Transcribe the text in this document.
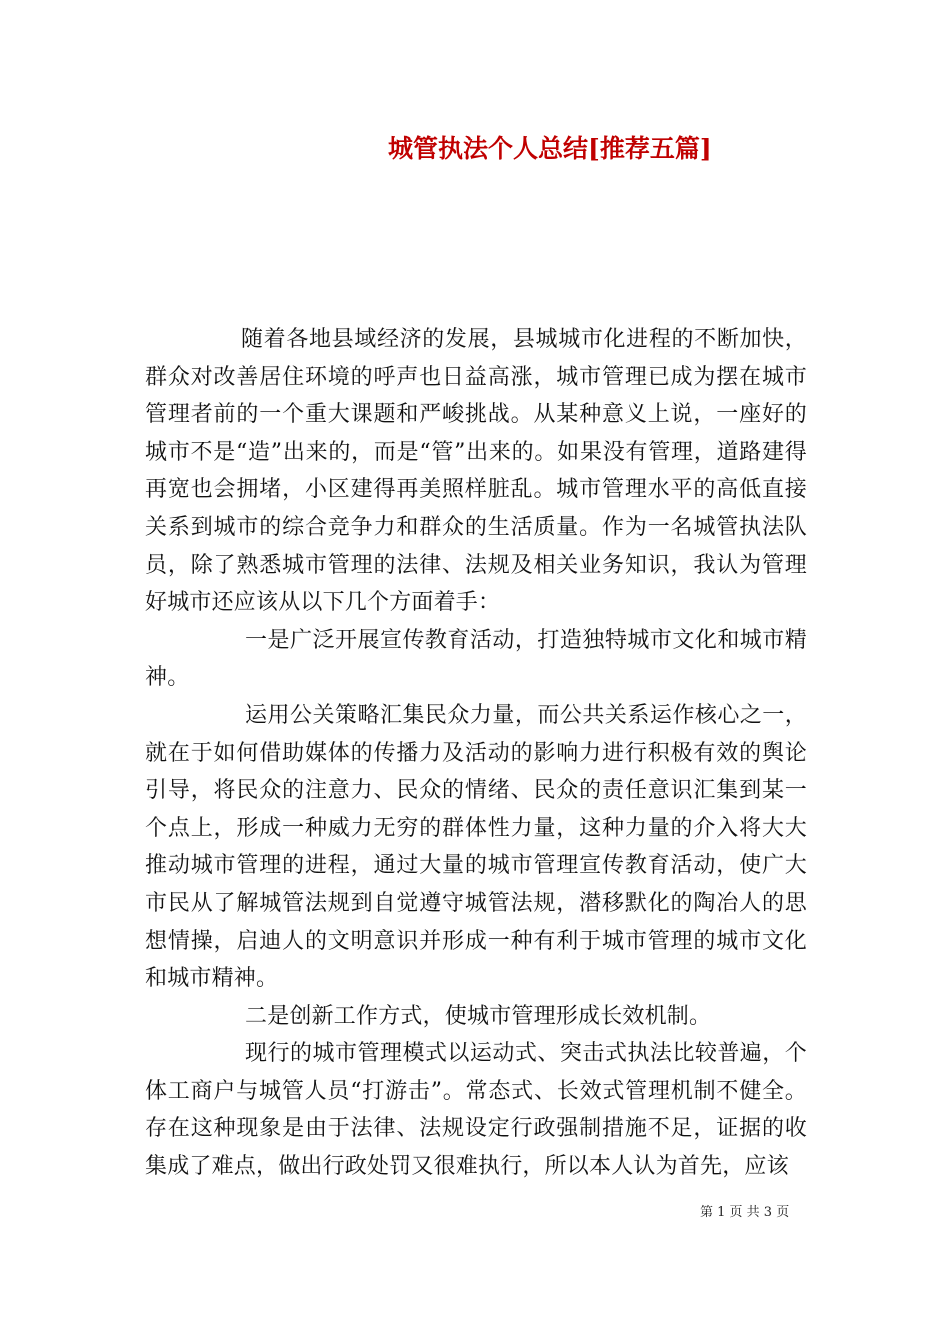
城管执法个人总结[推荐五篇]

随着各地县域经济的发展，县城城市化进程的不断加快，群众对改善居住环境的呼声也日益高涨，城市管理已成为摆在城市管理者前的一个重大课题和严峻挑战。从某种意义上说，一座好的城市不是“造”出来的，而是“管”出来的。如果没有管理，道路建得再宽也会拥堵，小区建得再美照样脏乱。城市管理水平的高低直接关系到城市的综合竞争力和群众的生活质量。作为一名城管执法队员，除了熟悉城市管理的法律、法规及相关业务知识，我认为管理好城市还应该从以下几个方面着手：

一是广泛开展宣传教育活动，打造独特城市文化和城市精神。

运用公关策略汇集民众力量，而公共关系运作核心之一，就在于如何借助媒体的传播力及活动的影响力进行积极有效的舆论引导，将民众的注意力、民众的情绪、民众的责任意识汇集到某一个点上，形成一种威力无穷的群体性力量，这种力量的介入将大大推动城市管理的进程，通过大量的城市管理宣传教育活动，使广大市民从了解城管法规到自觉遵守城管法规，潜移默化的陶冶人的思想情操，启迪人的文明意识并形成一种有利于城市管理的城市文化和城市精神。

二是创新工作方式，使城市管理形成长效机制。

现行的城市管理模式以运动式、突击式执法比较普遍，个体工商户与城管人员“打游击”。常态式、长效式管理机制不健全。存在这种现象是由于法律、法规设定行政强制措施不足，证据的收集成了难点，做出行政处罚又很难执行，所以本人认为首先，应该

第 1 页 共 3 页
